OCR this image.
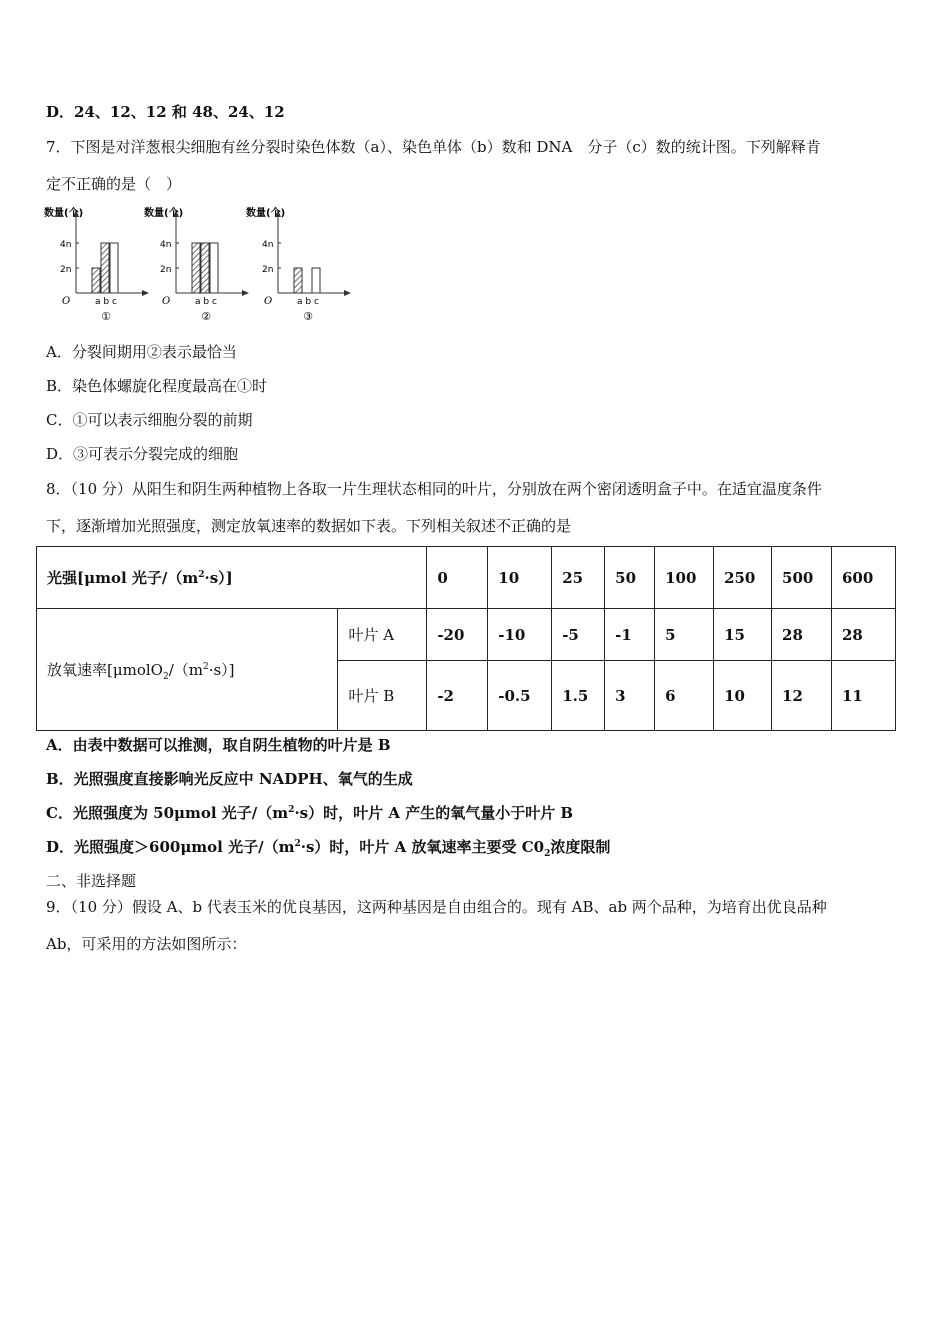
D．24、12、12 和 48、24、12
7．下图是对洋葱根尖细胞有丝分裂时染色体数（a）、染色单体（b）数和 DNA　分子（c）数的统计图。下列解释肯
定不正确的是（　）
数量(个)
4n
2n
O	a b c
①
数量(个)
4n
2n
O	a b c
②
数量(个)
4n
2n
O	a b c
③
A．分裂间期用②表示最恰当
B．染色体螺旋化程度最高在①时
C．①可以表示细胞分裂的前期
D．③可表示分裂完成的细胞
8．（10 分）从阳生和阴生两种植物上各取一片生理状态相同的叶片，分别放在两个密闭透明盒子中。在适宜温度条件
下，逐渐增加光照强度，测定放氧速率的数据如下表。下列相关叙述不正确的是
光强[μmol 光子$/(m^2\cdot s)$]		0	10	25	50	100	250	500	600
放氧速率$[\mu molO_2/(m^2\cdot s)]$	叶片 A	-20	-10	-5	-1	5	15	28	28
	叶片 B	-2	-0.5	1.5	3	6	10	12	11
A．由表中数据可以推测，取自阴生植物的叶片是 B
B．光照强度直接影响光反应中 NADPH、氧气的生成
C．光照强度为 50μmol 光子$/(m^2\cdot s)$时，叶片 A 产生的氧气量小于叶片 B
D．光照强度＞600μmol 光子$/(m^2\cdot s)$时，叶片 A 放氧速率主要受 $C0_2$浓度限制
二、非选择题
9．（10 分）假设 A、b 代表玉米的优良基因，这两种基因是自由组合的。现有 AB、ab 两个品种，为培育出优良品种
Ab，可采用的方法如图所示：
